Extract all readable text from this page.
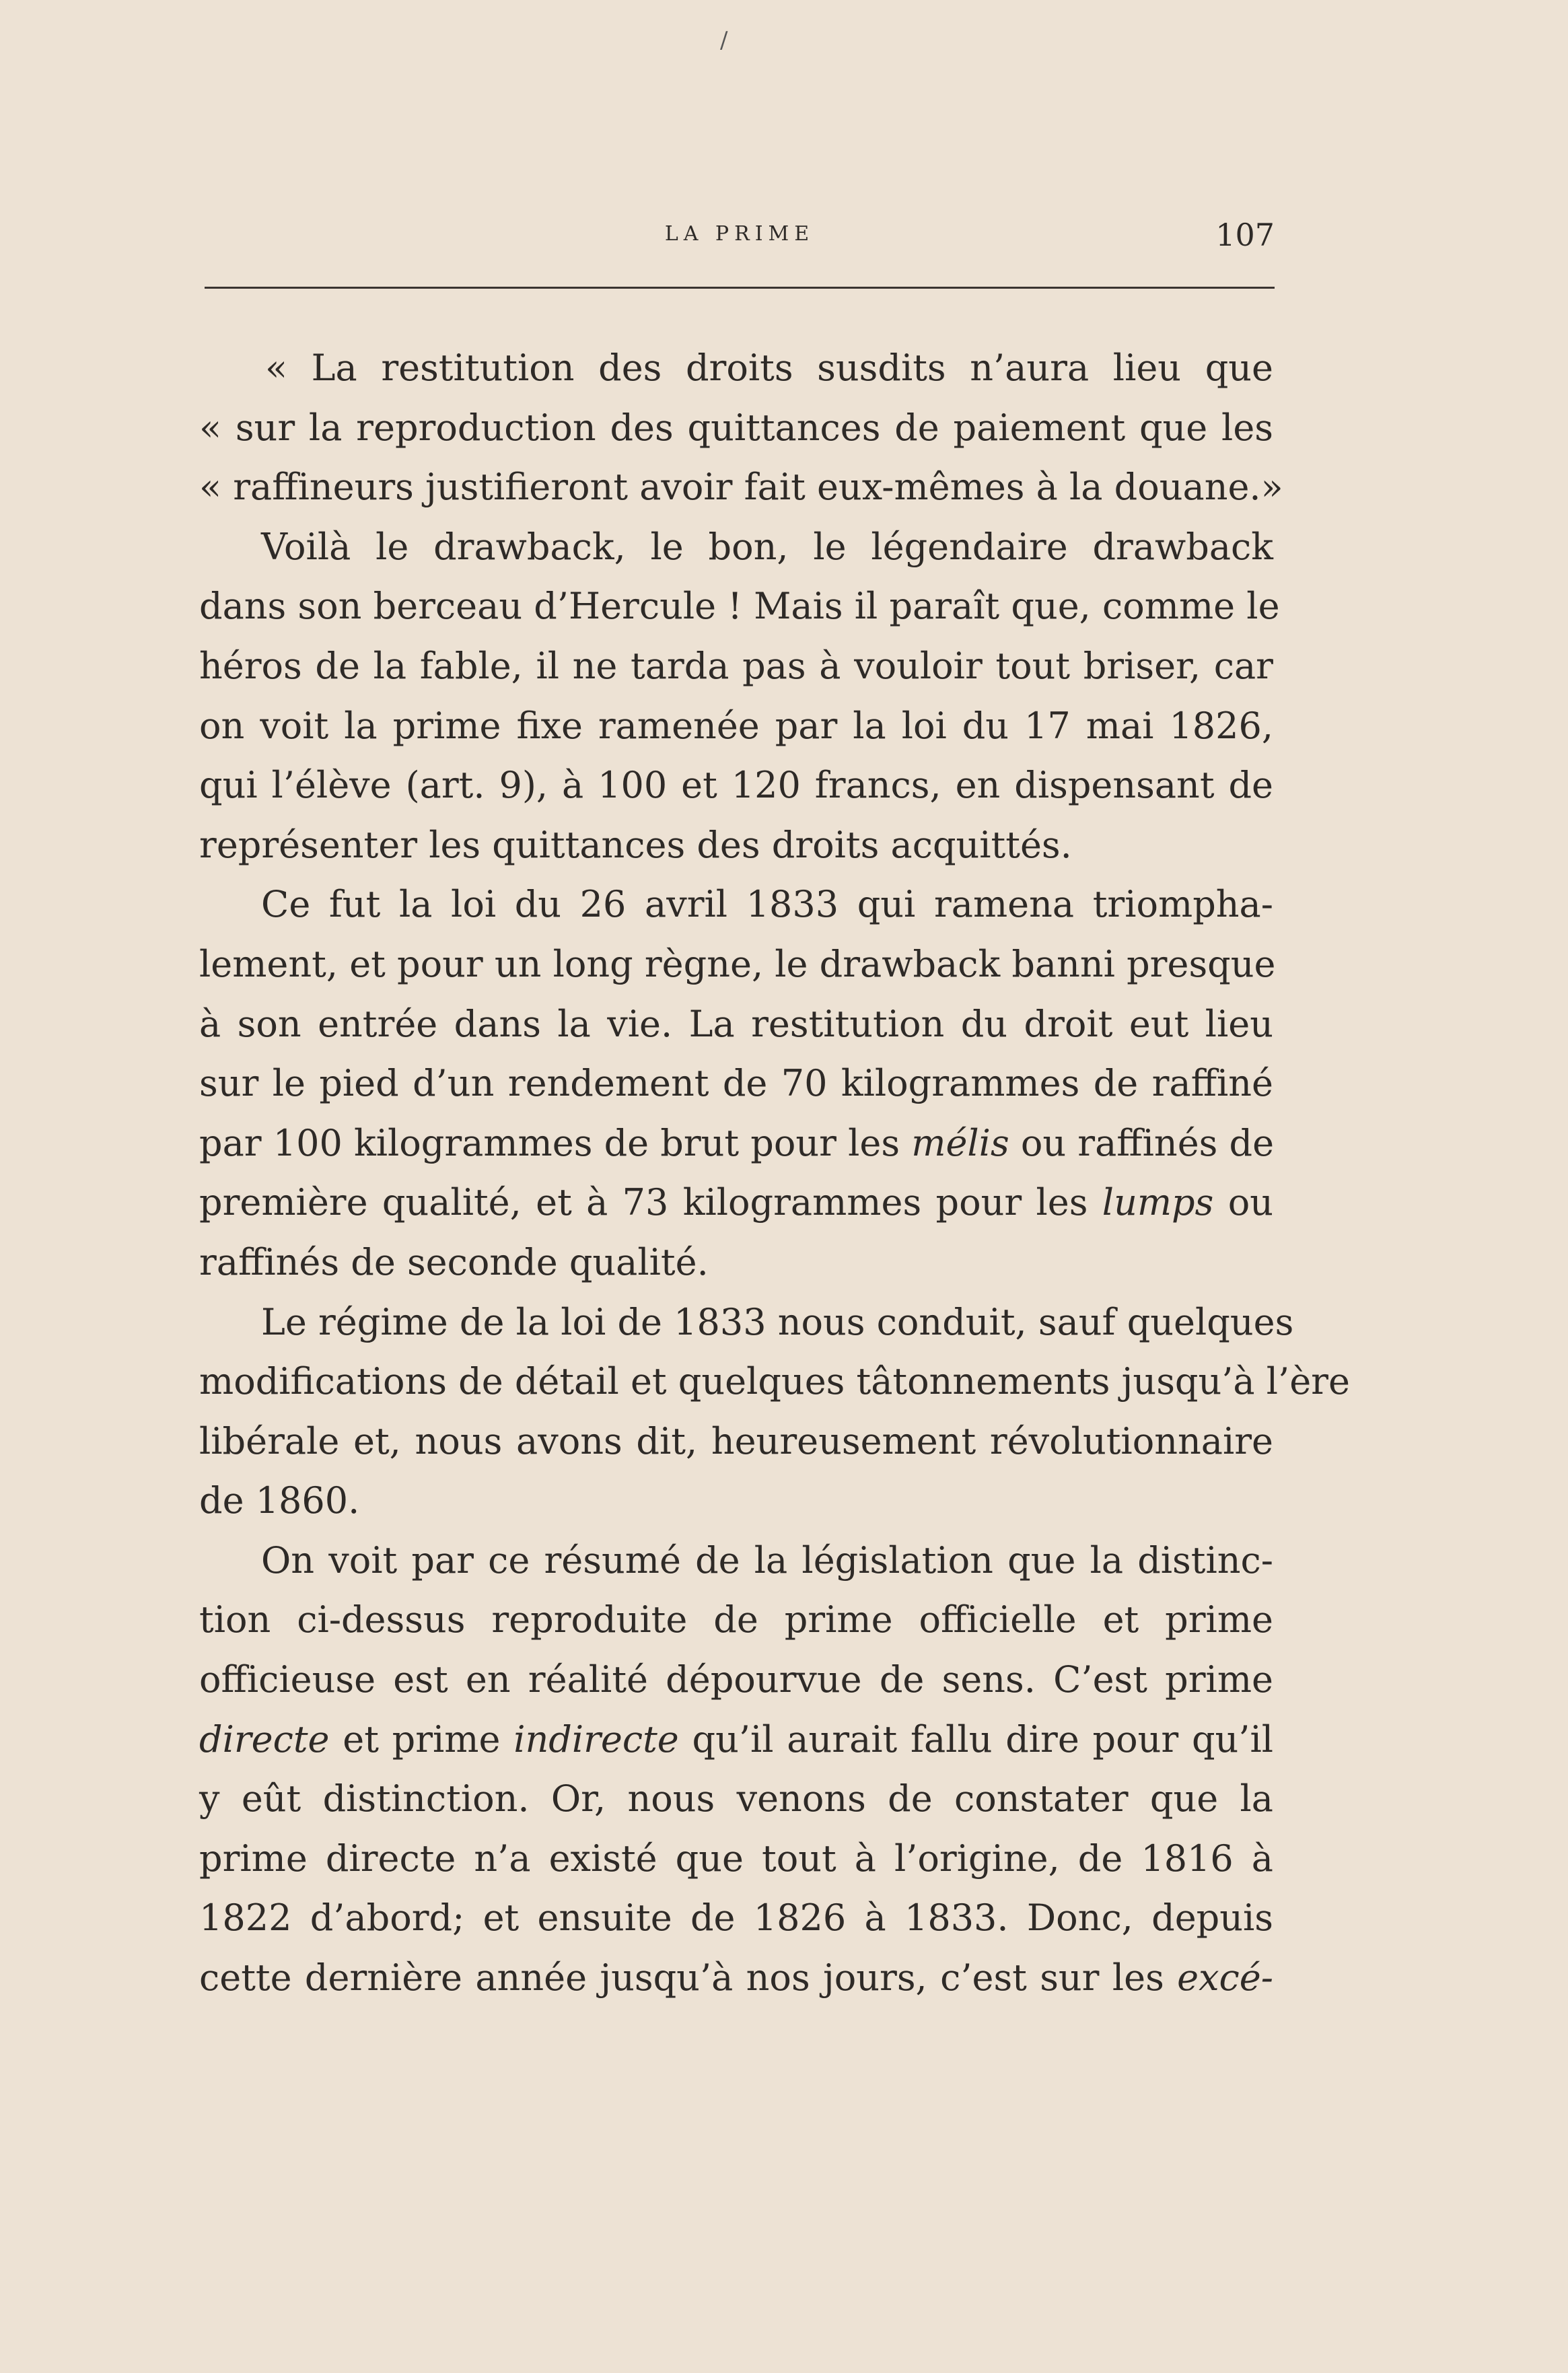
/
LA PRIME	107
« La restitution des droits susdits n’aura lieu que
« sur la reproduction des quittances de paiement que les
« raffineurs justifieront avoir fait eux-mêmes à la douane.»
Voilà le drawback, le bon, le légendaire drawback
dans son berceau d’Hercule ! Mais il paraît que, comme le
héros de la fable, il ne tarda pas à vouloir tout briser, car
on voit la prime fixe ramenée par la loi du 17 mai 1826,
qui l’élève (art. 9), à 100 et 120 francs, en dispensant de
représenter les quittances des droits acquittés.
Ce fut la loi du 26 avril 1833 qui ramena triompha-
lement, et pour un long règne, le drawback banni presque
à son entrée dans la vie. La restitution du droit eut lieu
sur le pied d’un rendement de 70 kilogrammes de raffiné
par 100 kilogrammes de brut pour les mélis ou raffinés de
première qualité, et à 73 kilogrammes pour les lumps ou
raffinés de seconde qualité.
Le régime de la loi de 1833 nous conduit, sauf quelques
modifications de détail et quelques tâtonnements jusqu’à l’ère
libérale et, nous avons dit, heureusement révolutionnaire
de 1860.
On voit par ce résumé de la législation que la distinc-
tion ci-dessus reproduite de prime officielle et prime
officieuse est en réalité dépourvue de sens. C’est prime
directe et prime indirecte qu’il aurait fallu dire pour qu’il
y eût distinction. Or, nous venons de constater que la
prime directe n’a existé que tout à l’origine, de 1816 à
1822 d’abord; et ensuite de 1826 à 1833. Donc, depuis
cette dernière année jusqu’à nos jours, c’est sur les excé-
